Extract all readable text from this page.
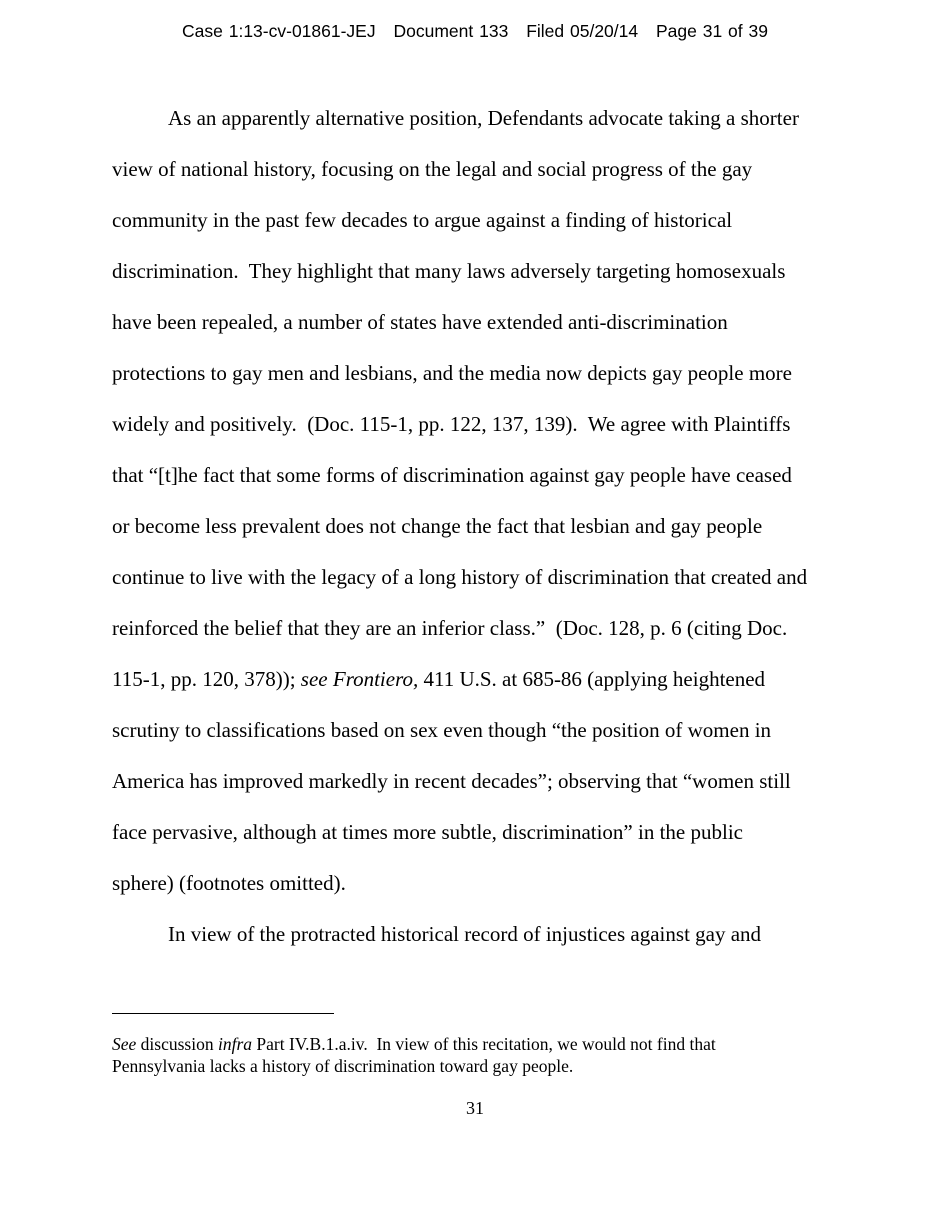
Case 1:13-cv-01861-JEJ Document 133 Filed 05/20/14 Page 31 of 39
As an apparently alternative position, Defendants advocate taking a shorter
view of national history, focusing on the legal and social progress of the gay
community in the past few decades to argue against a finding of historical
discrimination.  They highlight that many laws adversely targeting homosexuals
have been repealed, a number of states have extended anti-discrimination
protections to gay men and lesbians, and the media now depicts gay people more
widely and positively.  (Doc. 115-1, pp. 122, 137, 139).  We agree with Plaintiffs
that “[t]he fact that some forms of discrimination against gay people have ceased
or become less prevalent does not change the fact that lesbian and gay people
continue to live with the legacy of a long history of discrimination that created and
reinforced the belief that they are an inferior class.”  (Doc. 128, p. 6 (citing Doc.
115-1, pp. 120, 378)); see Frontiero, 411 U.S. at 685-86 (applying heightened
scrutiny to classifications based on sex even though “the position of women in
America has improved markedly in recent decades”; observing that “women still
face pervasive, although at times more subtle, discrimination” in the public
sphere) (footnotes omitted).
In view of the protracted historical record of injustices against gay and
See discussion infra Part IV.B.1.a.iv.  In view of this recitation, we would not find that
Pennsylvania lacks a history of discrimination toward gay people.
31
